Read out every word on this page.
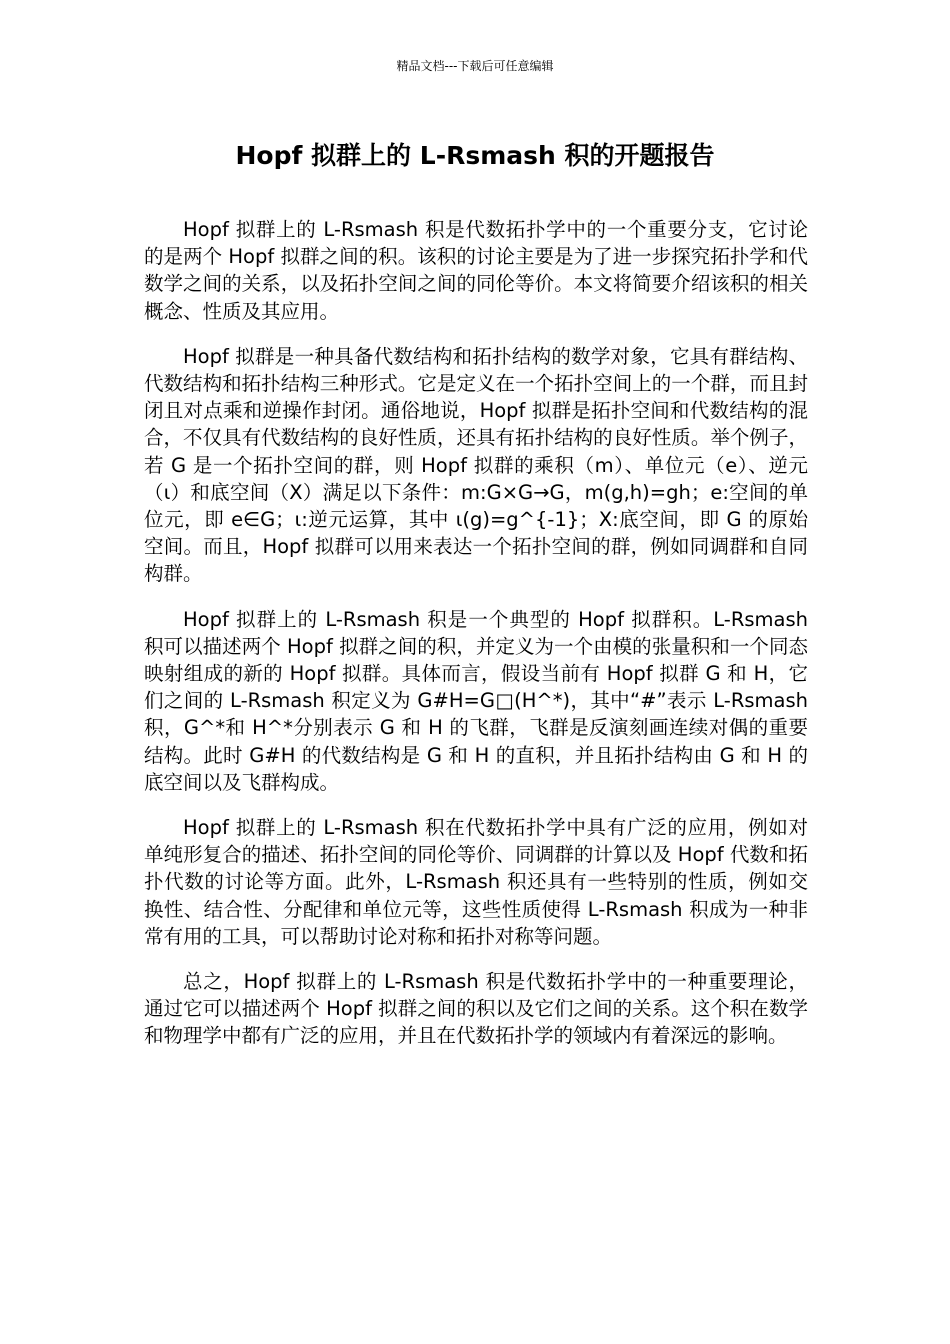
精品文档---下载后可任意编辑
Hopf 拟群上的 L-Rsmash 积的开题报告

Hopf 拟群上的 L-Rsmash 积是代数拓扑学中的一个重要分支，它讨论的是两个 Hopf 拟群之间的积。该积的讨论主要是为了进一步探究拓扑学和代数学之间的关系，以及拓扑空间之间的同伦等价。本文将简要介绍该积的相关概念、性质及其应用。

Hopf 拟群是一种具备代数结构和拓扑结构的数学对象，它具有群结构、代数结构和拓扑结构三种形式。它是定义在一个拓扑空间上的一个群，而且封闭且对点乘和逆操作封闭。通俗地说，Hopf 拟群是拓扑空间和代数结构的混合，不仅具有代数结构的良好性质，还具有拓扑结构的良好性质。举个例子，若 G 是一个拓扑空间的群，则 Hopf 拟群的乘积（m）、单位元（e）、逆元（ι）和底空间（X）满足以下条件：m:G×G→G，m(g,h)=gh；e:空间的单位元，即 e∈G；ι:逆元运算，其中 ι(g)=g^{-1}；X:底空间，即 G 的原始空间。而且，Hopf 拟群可以用来表达一个拓扑空间的群，例如同调群和自同构群。

Hopf 拟群上的 L-Rsmash 积是一个典型的 Hopf 拟群积。L-Rsmash 积可以描述两个 Hopf 拟群之间的积，并定义为一个由模的张量积和一个同态映射组成的新的 Hopf 拟群。具体而言，假设当前有 Hopf 拟群 G 和 H，它们之间的 L-Rsmash 积定义为 G#H=G□(H^*)，其中“#”表示 L-Rsmash 积，G^*和 H^*分别表示 G 和 H 的飞群，飞群是反演刻画连续对偶的重要结构。此时 G#H 的代数结构是 G 和 H 的直积，并且拓扑结构由 G 和 H 的底空间以及飞群构成。

Hopf 拟群上的 L-Rsmash 积在代数拓扑学中具有广泛的应用，例如对单纯形复合的描述、拓扑空间的同伦等价、同调群的计算以及 Hopf 代数和拓扑代数的讨论等方面。此外，L-Rsmash 积还具有一些特别的性质，例如交换性、结合性、分配律和单位元等，这些性质使得 L-Rsmash 积成为一种非常有用的工具，可以帮助讨论对称和拓扑对称等问题。

总之，Hopf 拟群上的 L-Rsmash 积是代数拓扑学中的一种重要理论，通过它可以描述两个 Hopf 拟群之间的积以及它们之间的关系。这个积在数学和物理学中都有广泛的应用，并且在代数拓扑学的领域内有着深远的影响。
